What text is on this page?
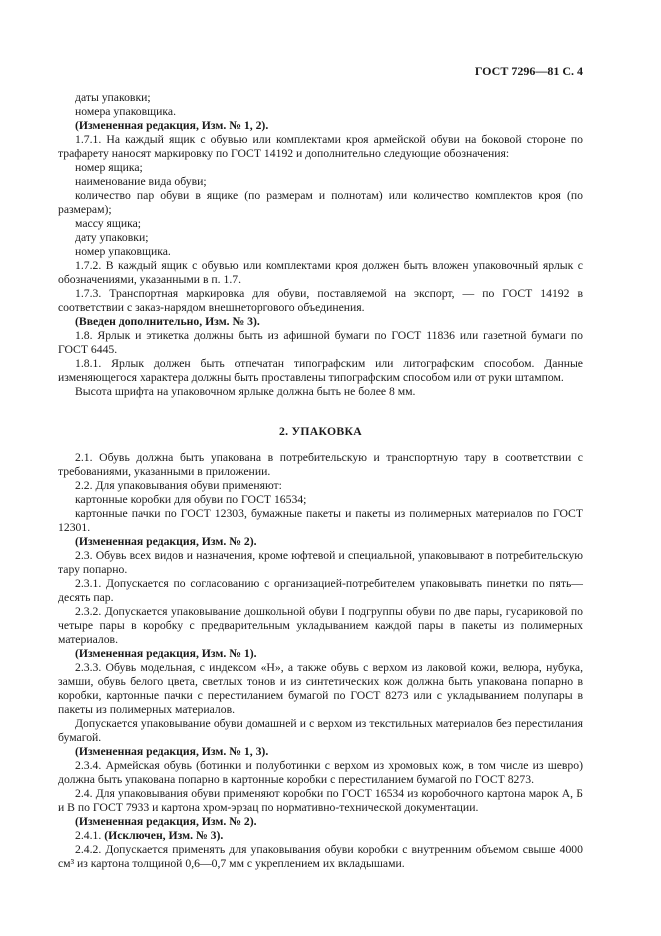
ГОСТ 7296—81 С. 4

даты упаковки;

номера упаковщика.

(Измененная редакция, Изм. № 1, 2).

1.7.1. На каждый ящик с обувью или комплектами кроя армейской обуви на боковой стороне по трафарету наносят маркировку по ГОСТ 14192 и дополнительно следующие обозначения:

номер ящика;

наименование вида обуви;

количество пар обуви в ящике (по размерам и полнотам) или количество комплектов кроя (по размерам);

массу ящика;

дату упаковки;

номер упаковщика.

1.7.2. В каждый ящик с обувью или комплектами кроя должен быть вложен упаковочный ярлык с обозначениями, указанными в п. 1.7.

1.7.3. Транспортная маркировка для обуви, поставляемой на экспорт, — по ГОСТ 14192 в соответствии с заказ-нарядом внешнеторгового объединения.

(Введен дополнительно, Изм. № 3).

1.8. Ярлык и этикетка должны быть из афишной бумаги по ГОСТ 11836 или газетной бумаги по ГОСТ 6445.

1.8.1. Ярлык должен быть отпечатан типографским или литографским способом. Данные изменяющегося характера должны быть проставлены типографским способом или от руки штампом.

Высота шрифта на упаковочном ярлыке должна быть не более 8 мм.

2. УПАКОВКА

2.1. Обувь должна быть упакована в потребительскую и транспортную тару в соответствии с требованиями, указанными в приложении.

2.2. Для упаковывания обуви применяют:

картонные коробки для обуви по ГОСТ 16534;

картонные пачки по ГОСТ 12303, бумажные пакеты и пакеты из полимерных материалов по ГОСТ 12301.

(Измененная редакция, Изм. № 2).

2.3. Обувь всех видов и назначения, кроме юфтевой и специальной, упаковывают в потребительскую тару попарно.

2.3.1. Допускается по согласованию с организацией-потребителем упаковывать пинетки по пять—десять пар.

2.3.2. Допускается упаковывание дошкольной обуви I подгруппы обуви по две пары, гусариковой по четыре пары в коробку с предварительным укладыванием каждой пары в пакеты из полимерных материалов.

(Измененная редакция, Изм. № 1).

2.3.3. Обувь модельная, с индексом «Н», а также обувь с верхом из лаковой кожи, велюра, нубука, замши, обувь белого цвета, светлых тонов и из синтетических кож должна быть упакована попарно в коробки, картонные пачки с перестиланием бумагой по ГОСТ 8273 или с укладыванием полупары в пакеты из полимерных материалов.

Допускается упаковывание обуви домашней и с верхом из текстильных материалов без перестилания бумагой.

(Измененная редакция, Изм. № 1, 3).

2.3.4. Армейская обувь (ботинки и полуботинки с верхом из хромовых кож, в том числе из шевро) должна быть упакована попарно в картонные коробки с перестиланием бумагой по ГОСТ 8273.

2.4. Для упаковывания обуви применяют коробки по ГОСТ 16534 из коробочного картона марок А, Б и В по ГОСТ 7933 и картона хром-эрзац по нормативно-технической документации.

(Измененная редакция, Изм. № 2).

2.4.1. (Исключен, Изм. № 3).

2.4.2. Допускается применять для упаковывания обуви коробки с внутренним объемом свыше 4000 см³ из картона толщиной 0,6—0,7 мм с укреплением их вкладышами.
